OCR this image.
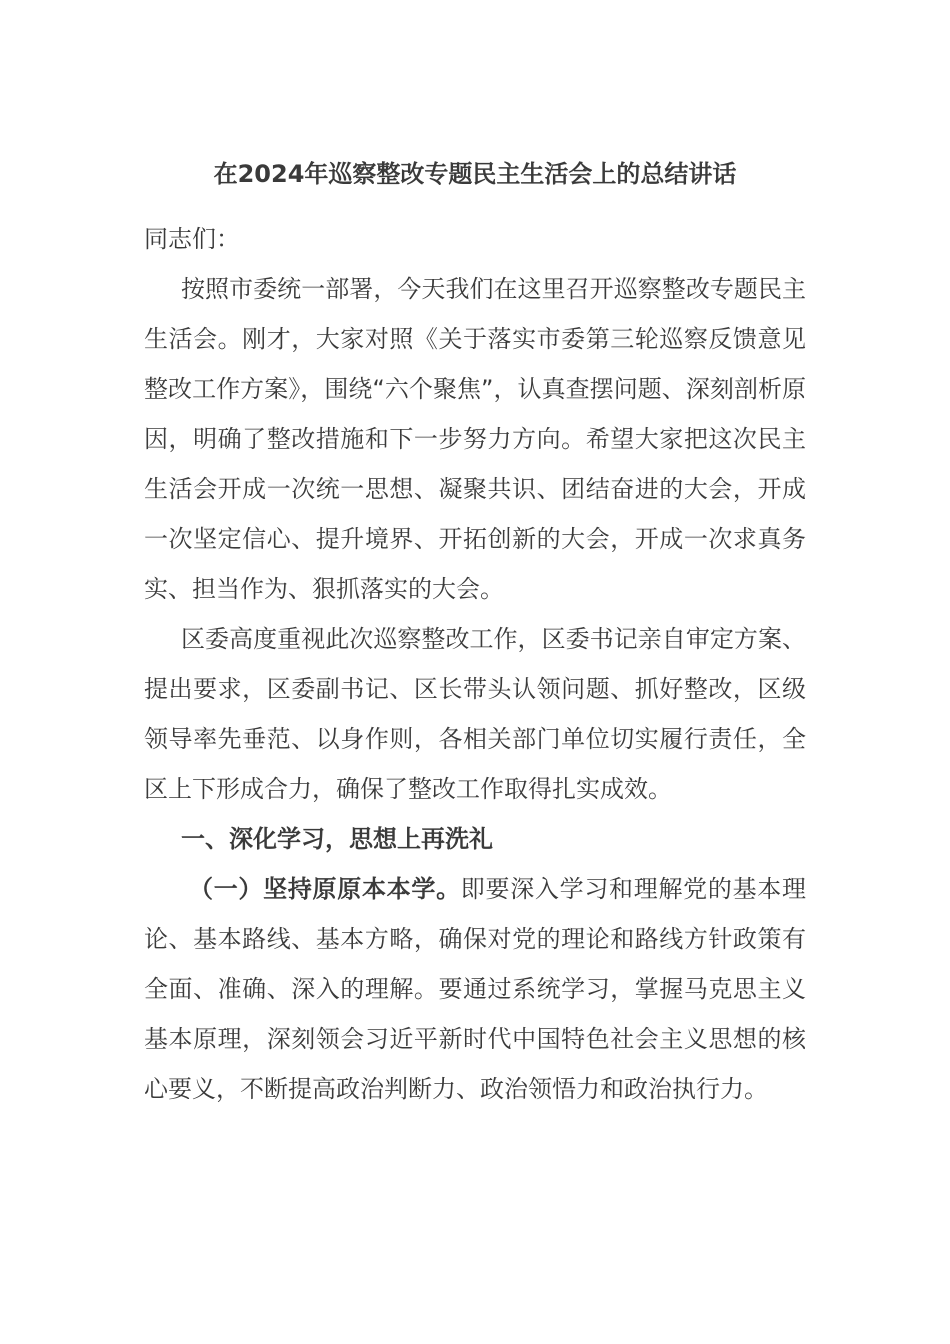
在2024年巡察整改专题民主生活会上的总结讲话

同志们：

按照市委统一部署，今天我们在这里召开巡察整改专题民主生活会。刚才，大家对照《关于落实市委第三轮巡察反馈意见整改工作方案》，围绕“六个聚焦”，认真查摆问题、深刻剖析原因，明确了整改措施和下一步努力方向。希望大家把这次民主生活会开成一次统一思想、凝聚共识、团结奋进的大会，开成一次坚定信心、提升境界、开拓创新的大会，开成一次求真务实、担当作为、狠抓落实的大会。

区委高度重视此次巡察整改工作，区委书记亲自审定方案、提出要求，区委副书记、区长带头认领问题、抓好整改，区级领导率先垂范、以身作则，各相关部门单位切实履行责任，全区上下形成合力，确保了整改工作取得扎实成效。

一、深化学习，思想上再洗礼

（一）坚持原原本本学。即要深入学习和理解党的基本理论、基本路线、基本方略，确保对党的理论和路线方针政策有全面、准确、深入的理解。要通过系统学习，掌握马克思主义基本原理，深刻领会习近平新时代中国特色社会主义思想的核心要义，不断提高政治判断力、政治领悟力和政治执行力。
